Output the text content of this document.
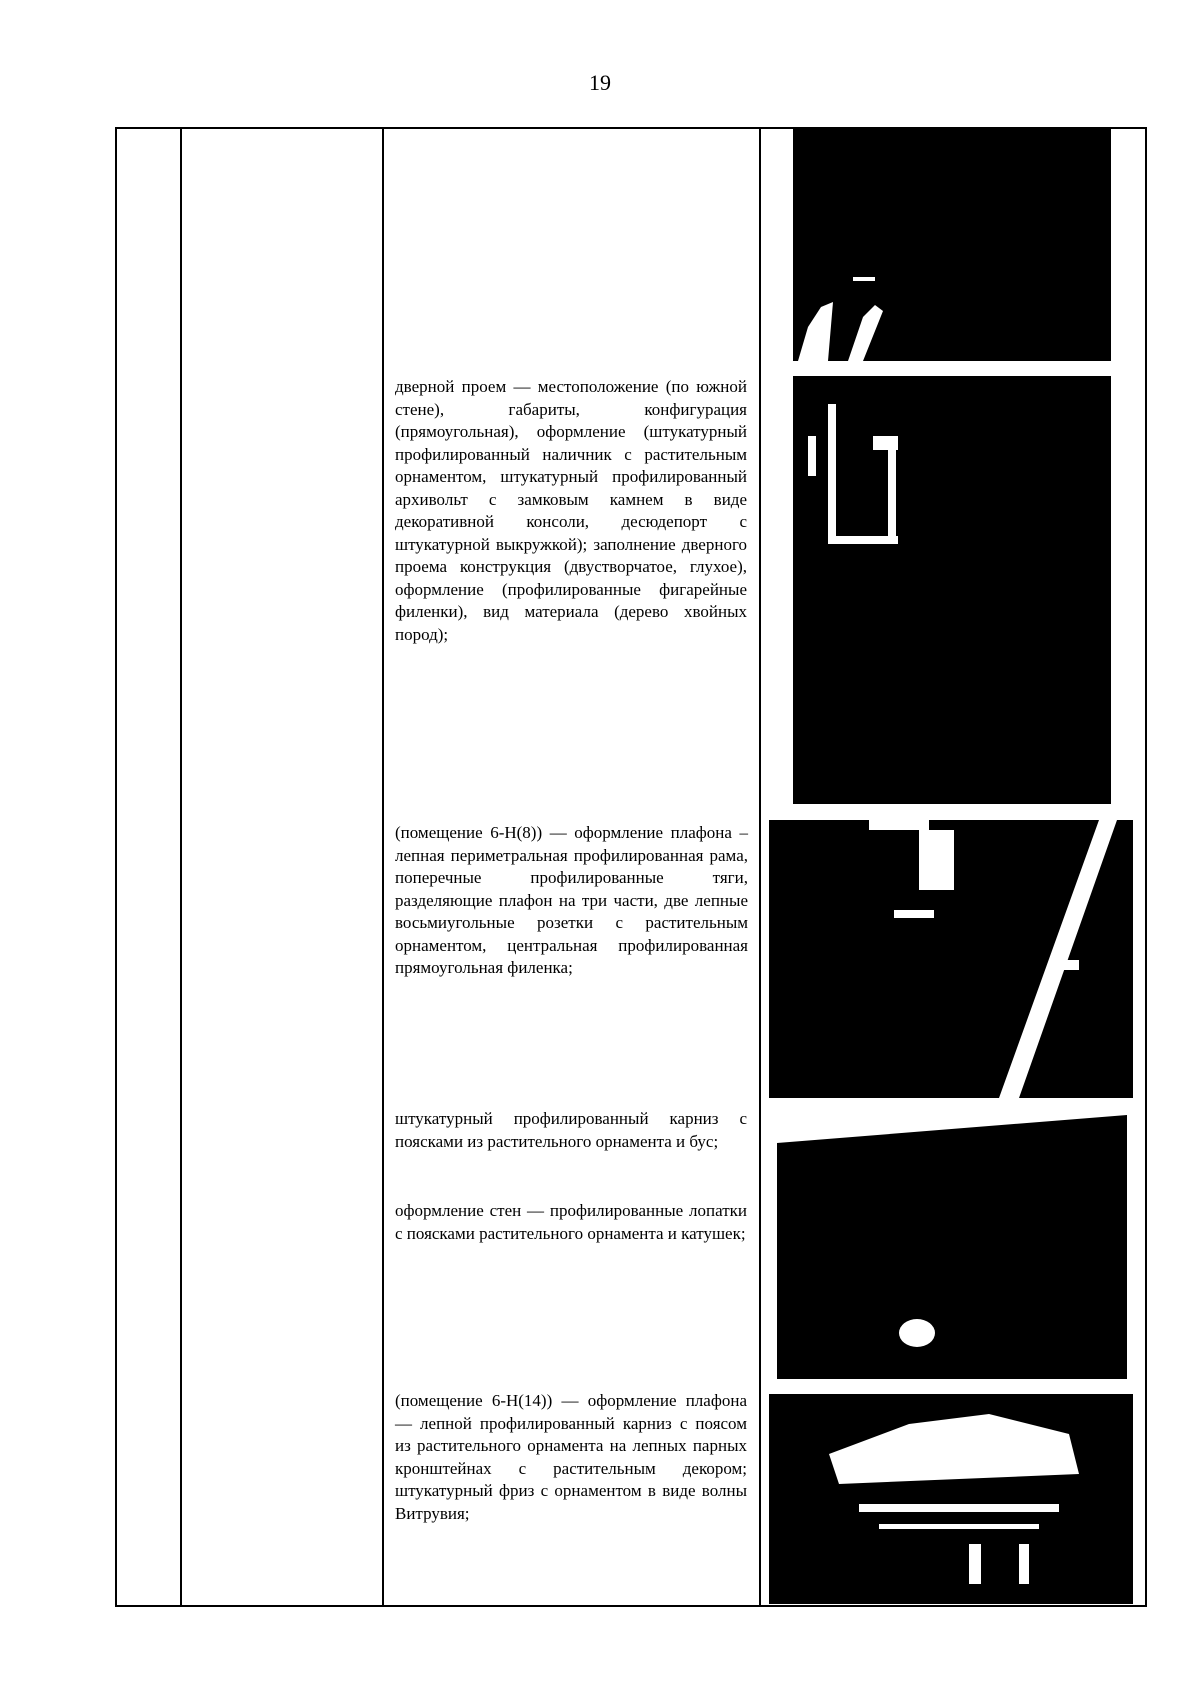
19

дверной проем — местоположение (по южной стене), габариты, конфигурация (прямоугольная), оформление (штукатурный профилированный наличник с растительным орнаментом, штукатурный профилированный архивольт с замковым камнем в виде декоративной консоли, десюдепорт с штукатурной выкружкой); заполнение дверного проема конструкция (двустворчатое, глухое), оформление (профилированные фигарейные филенки), вид материала (дерево хвойных пород);

(помещение 6-Н(8)) — оформление плафона – лепная периметральная профилированная рама, поперечные профилированные тяги, разделяющие плафон на три части, две лепные восьмиугольные розетки с растительным орнаментом, центральная профилированная прямоугольная филенка;

штукатурный профилированный карниз с поясками из растительного орнамента и бус;

оформление стен — профилированные лопатки с поясками растительного орнамента и катушек;

(помещение 6-Н(14)) — оформление плафона — лепной профилированный карниз с поясом из растительного орнамента на лепных парных кронштейнах с растительным декором; штукатурный фриз с орнаментом в виде волны Витрувия;
